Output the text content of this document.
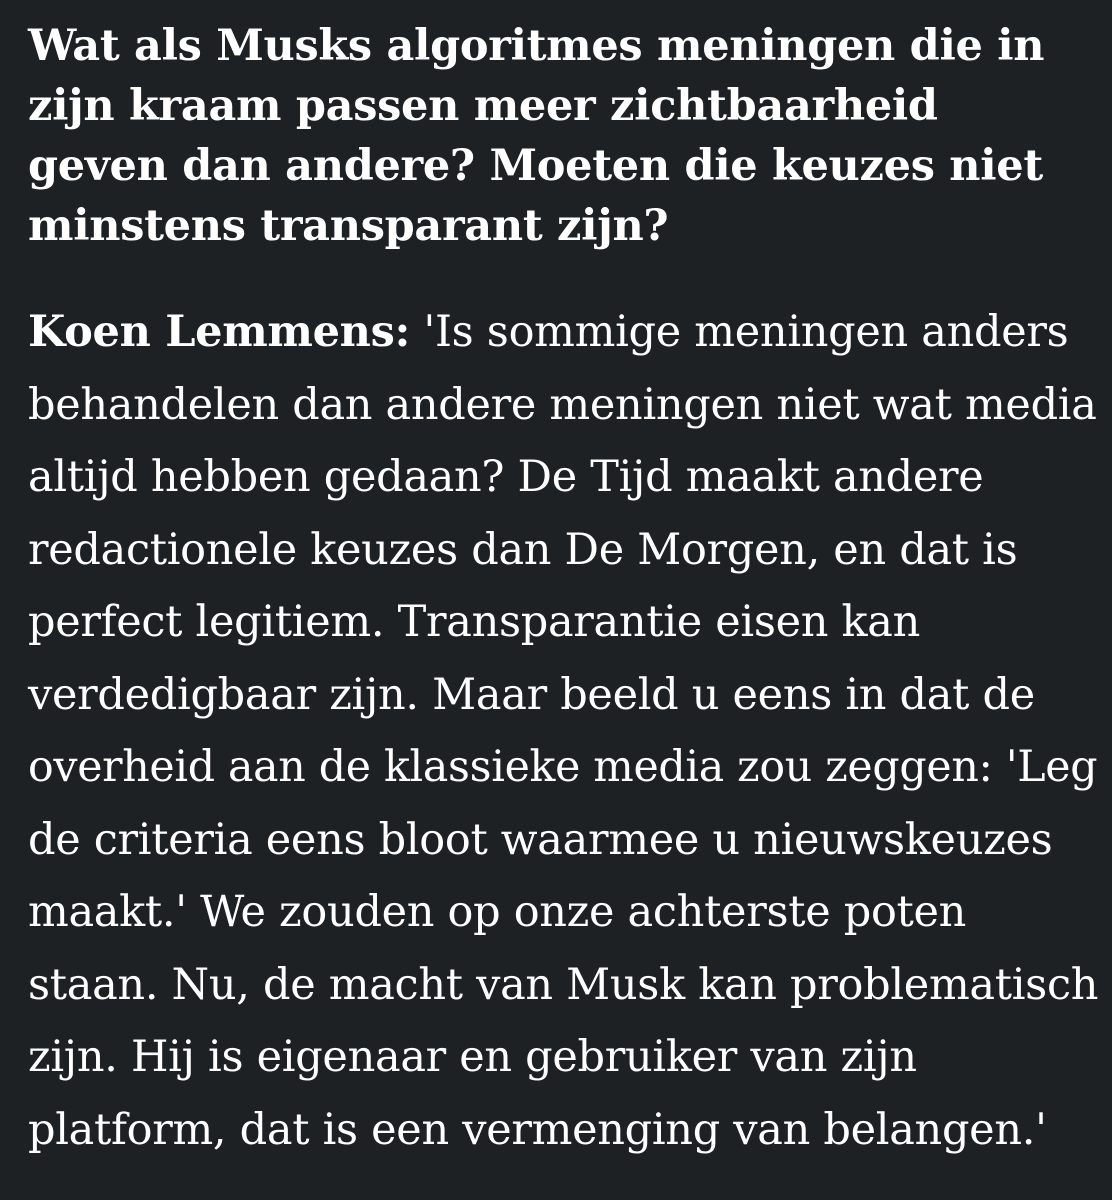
Wat als Musks algoritmes meningen die in
zijn kraam passen meer zichtbaarheid
geven dan andere? Moeten die keuzes niet
minstens transparant zijn?

Koen Lemmens: 'Is sommige meningen anders
behandelen dan andere meningen niet wat media
altijd hebben gedaan? De Tijd maakt andere
redactionele keuzes dan De Morgen, en dat is
perfect legitiem. Transparantie eisen kan
verdedigbaar zijn. Maar beeld u eens in dat de
overheid aan de klassieke media zou zeggen: 'Leg
de criteria eens bloot waarmee u nieuwskeuzes
maakt.' We zouden op onze achterste poten
staan. Nu, de macht van Musk kan problematisch
zijn. Hij is eigenaar en gebruiker van zijn
platform, dat is een vermenging van belangen.'
